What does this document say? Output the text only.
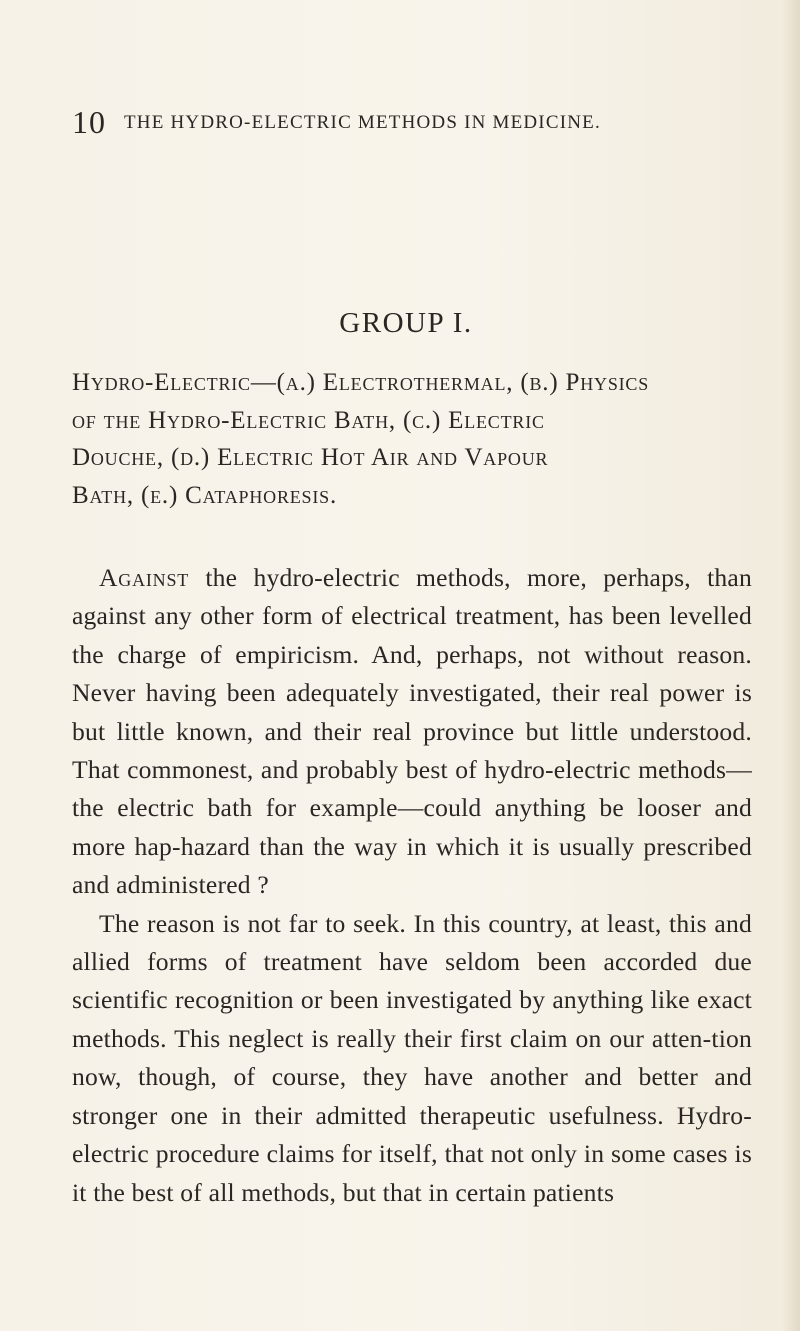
10 THE HYDRO-ELECTRIC METHODS IN MEDICINE.
GROUP I.
Hydro-Electric—(a.) Electrothermal, (b.) Physics
of the Hydro-Electric Bath, (c.) Electric
Douche, (d.) Electric Hot Air and Vapour
Bath, (e.) Cataphoresis.

Against the hydro-electric methods, more, perhaps, than against any other form of electrical treatment, has been levelled the charge of empiricism. And, perhaps, not without reason. Never having been adequately investigated, their real power is but little known, and their real province but little understood. That commonest, and probably best of hydro-electric methods—the electric bath for example—could anything be looser and more hap-hazard than the way in which it is usually prescribed and administered ?

The reason is not far to seek. In this country, at least, this and allied forms of treatment have seldom been accorded due scientific recognition or been investigated by anything like exact methods. This neglect is really their first claim on our atten-tion now, though, of course, they have another and better and stronger one in their admitted therapeutic usefulness. Hydro-electric procedure claims for itself, that not only in some cases is it the best of all methods, but that in certain patients
